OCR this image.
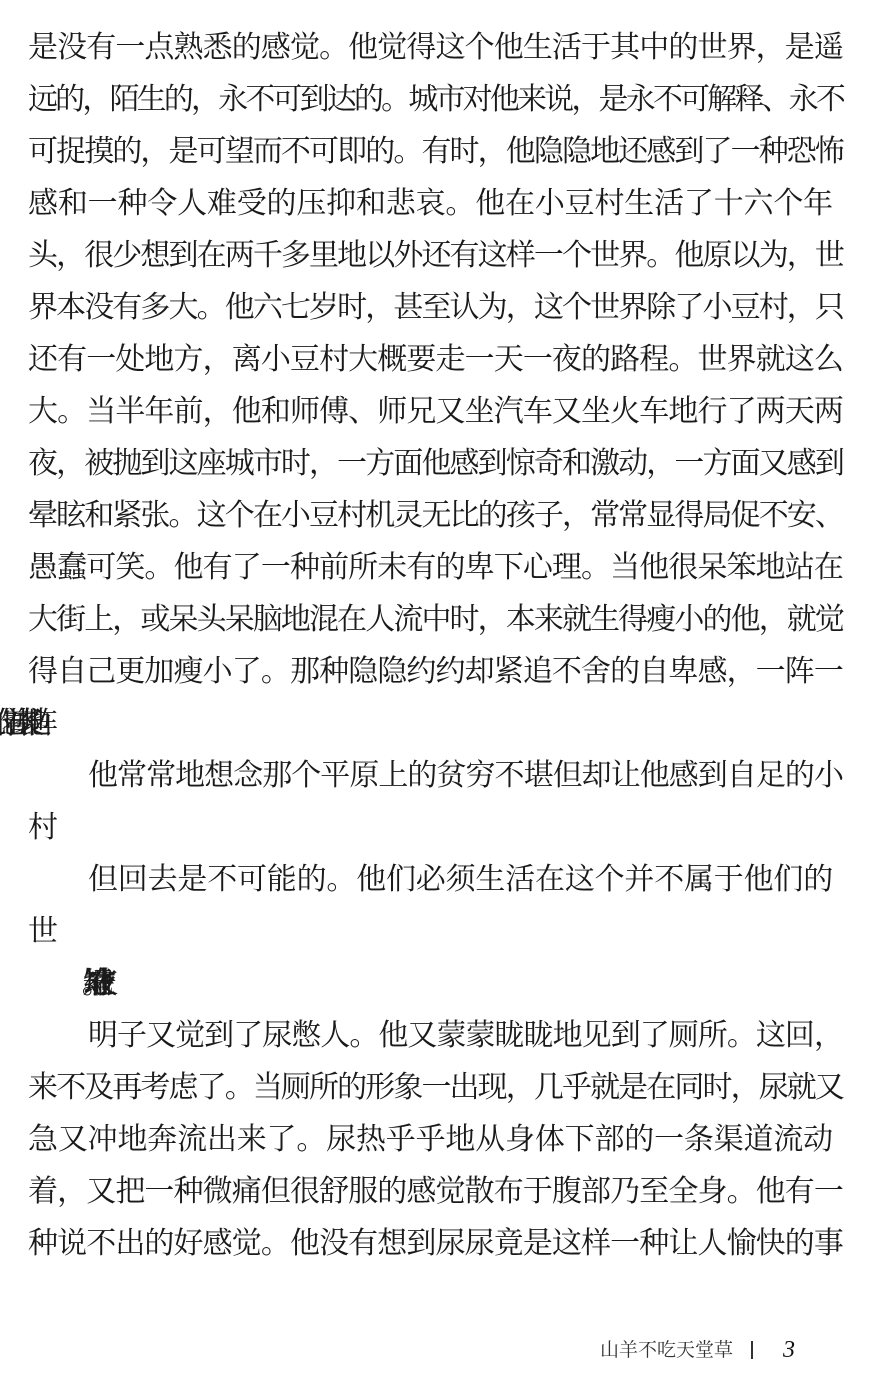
是没有一点熟悉的感觉。他觉得这个他生活于其中的世界，是遥
远的，陌生的，永不可到达的。城市对他来说，是永不可解释、永不
可捉摸的，是可望而不可即的。有时，他隐隐地还感到了一种恐怖
感和一种令人难受的压抑和悲哀。他在小豆村生活了十六个年
头，很少想到在两千多里地以外还有这样一个世界。他原以为，世
界本没有多大。他六七岁时，甚至认为，这个世界除了小豆村，只
还有一处地方，离小豆村大概要走一天一夜的路程。世界就这么
大。当半年前，他和师傅、师兄又坐汽车又坐火车地行了两天两
夜，被抛到这座城市时，一方面他感到惊奇和激动，一方面又感到
晕眩和紧张。这个在小豆村机灵无比的孩子，常常显得局促不安、
愚蠢可笑。他有了一种前所未有的卑下心理。当他很呆笨地站在
大街上，或呆头呆脑地混在人流中时，本来就生得瘦小的他，就觉
得自己更加瘦小了。那种隐隐约约却紧追不舍的自卑感，一阵一
他常常地想念那个平原上的贫穷不堪但却让他感到自足的小
但回去是不可能的。他们必须生活在这个并不属于他们的
明子又觉到了尿憋人。他又蒙蒙眬眬地见到了厕所。这回，
来不及再考虑了。当厕所的形象一出现，几乎就是在同时，尿就又
急又冲地奔流出来了。尿热乎乎地从身体下部的一条渠道流动
着，又把一种微痛但很舒服的感觉散布于腹部乃至全身。他有一
种说不出的好感觉。他没有想到尿尿竟是这样一种让人愉快的事
山羊不吃天堂草 3
